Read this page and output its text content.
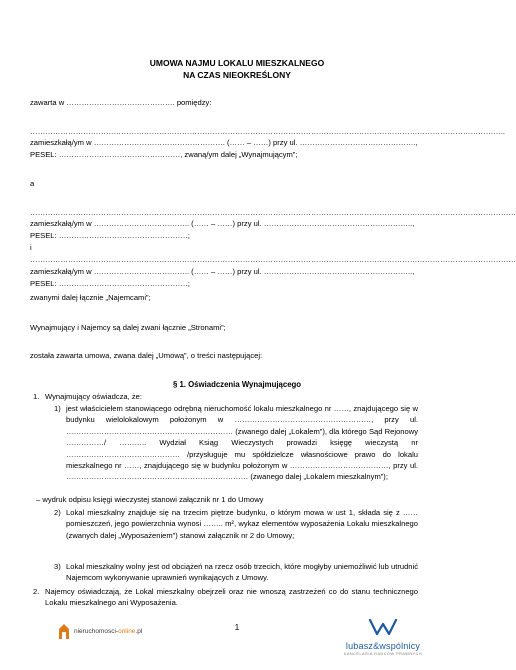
UMOWA NAJMU LOKALU MIESZKALNEGO
NA CZAS NIEOKREŚLONY
zawarta w ……………………………………. pomiędzy:
……………………………………………………………………………………………………………………………………………………………………..
zamieszkałą/ym w ……………………………………………. (…… – ……) przy ul. ……………………………………….,
PESEL: …………………………………………, zwaną/ym dalej „Wynajmującym”;
a
…………………………………………………………………………………………………………………………………………………………………………
zamieszkałą/ym w ……………………………….. (…… – ……) przy ul. …………………………………………………..,
PESEL: ……………………………………………;
i
…………………………………………………………………………………………………………………………………………………………………………
zamieszkałą/ym w ……………………………….. (…… – ……) przy ul. …………………………………………………..,
PESEL: ……………………………………………;
zwanymi dalej łącznie „Najemcami”;
Wynajmujący i Najemcy są dalej zwani łącznie „Stronami”;
została zawarta umowa, zwana dalej „Umową”, o treści następującej:
§ 1. Oświadczenia Wynajmującego
1. Wynajmujący oświadcza, że:
1) jest właścicielem stanowiącego odrębną nieruchomość lokalu mieszkalnego nr ……, znajdującego się w budynku wielolokalowym położonym w ………………………………………………, przy ul. ………………………………………………………… (zwanego dalej „Lokalem”), dla którego Sąd Rejonowy ……………/ ……….. Wydział Ksiąg Wieczystych prowadzi księgę wieczystą nr ……………………………………… /przysługuje mu spółdzielcze własnościowe prawo do lokalu mieszkalnego nr ……, znajdującego się w budynku położonym w …………………………………, przy ul. ……………………………………………………………… (zwanego dalej „Lokalem mieszkalnym”);
– wydruk odpisu księgi wieczystej stanowi załącznik nr 1 do Umowy
2) Lokal mieszkalny znajduje się na trzecim piętrze budynku, o którym mowa w ust 1, składa się z …… pomieszczeń, jego powierzchnia wynosi …….. m², wykaz elementów wyposażenia Lokalu mieszkalnego (zwanych dalej „Wyposażeniem”) stanowi załącznik nr 2 do Umowy;
3) Lokal mieszkalny wolny jest od obciążeń na rzecz osób trzecich, które mogłyby uniemożliwić lub utrudnić Najemcom wykonywanie uprawnień wynikających z Umowy.
2. Najemcy oświadczają, że Lokal mieszkalny obejrzeli oraz nie wnoszą zastrzeżeń co do stanu technicznego Lokalu mieszkalnego ani Wyposażenia.
1
nieruchomosci-online.pl
lubasz&wspólnicy
KANCELARIA RADCÓW PRAWNYCH
